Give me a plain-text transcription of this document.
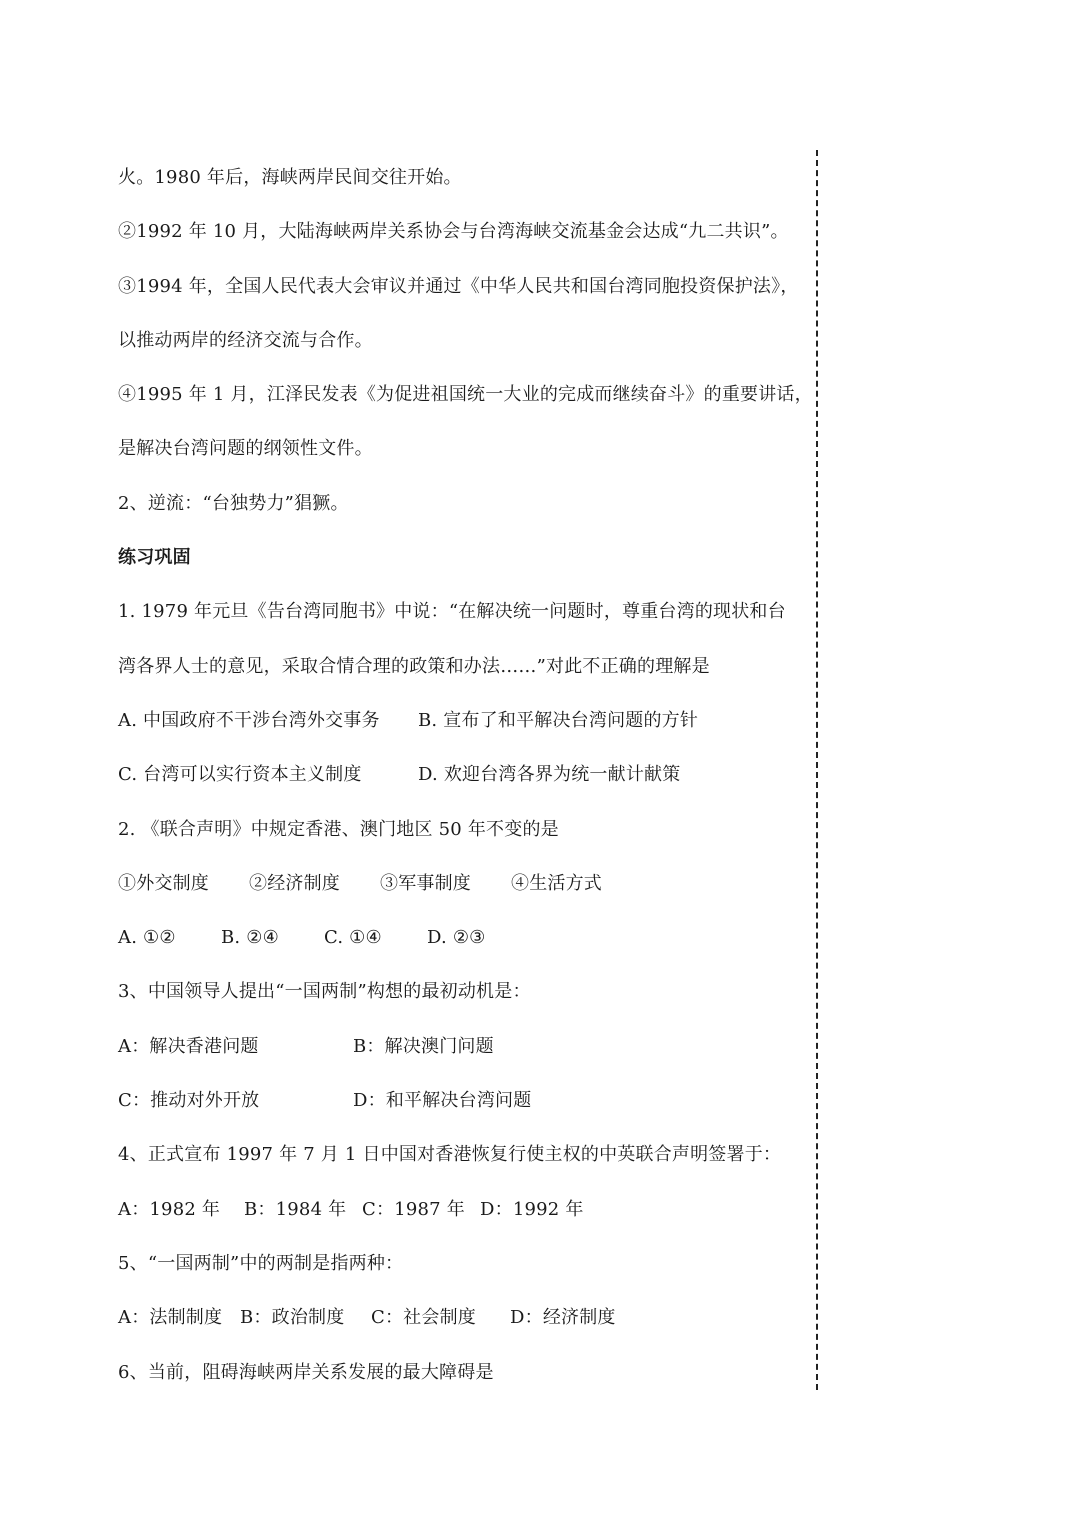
火。1980 年后，海峡两岸民间交往开始。
②1992 年 10 月，大陆海峡两岸关系协会与台湾海峡交流基金会达成“九二共识”。
③1994 年，全国人民代表大会审议并通过《中华人民共和国台湾同胞投资保护法》，
以推动两岸的经济交流与合作。
④1995 年 1 月，江泽民发表《为促进祖国统一大业的完成而继续奋斗》的重要讲话，
是解决台湾问题的纲领性文件。
2、逆流：“台独势力”猖獗。
练习巩固
1. 1979 年元旦《告台湾同胞书》中说：“在解决统一问题时，尊重台湾的现状和台
湾各界人士的意见，采取合情合理的政策和办法……”对此不正确的理解是
A. 中国政府不干涉台湾外交事务 B. 宣布了和平解决台湾问题的方针
C. 台湾可以实行资本主义制度	D. 欢迎台湾各界为统一献计献策
2. 《联合声明》中规定香港、澳门地区 50 年不变的是
①外交制度 ②经济制度 ③军事制度 ④生活方式
A. ①②	B. ②④	C. ①④	D. ②③
3、中国领导人提出“一国两制”构想的最初动机是：
A：解决香港问题	B：解决澳门问题
C：推动对外开放	D：和平解决台湾问题
4、正式宣布 1997 年 7 月 1 日中国对香港恢复行使主权的中英联合声明签署于：
A：1982 年 B：1984 年 C：1987 年 D：1992 年
5、“一国两制”中的两制是指两种：
A：法制制度 B：政治制度 C：社会制度 D：经济制度
6、当前，阻碍海峡两岸关系发展的最大障碍是
